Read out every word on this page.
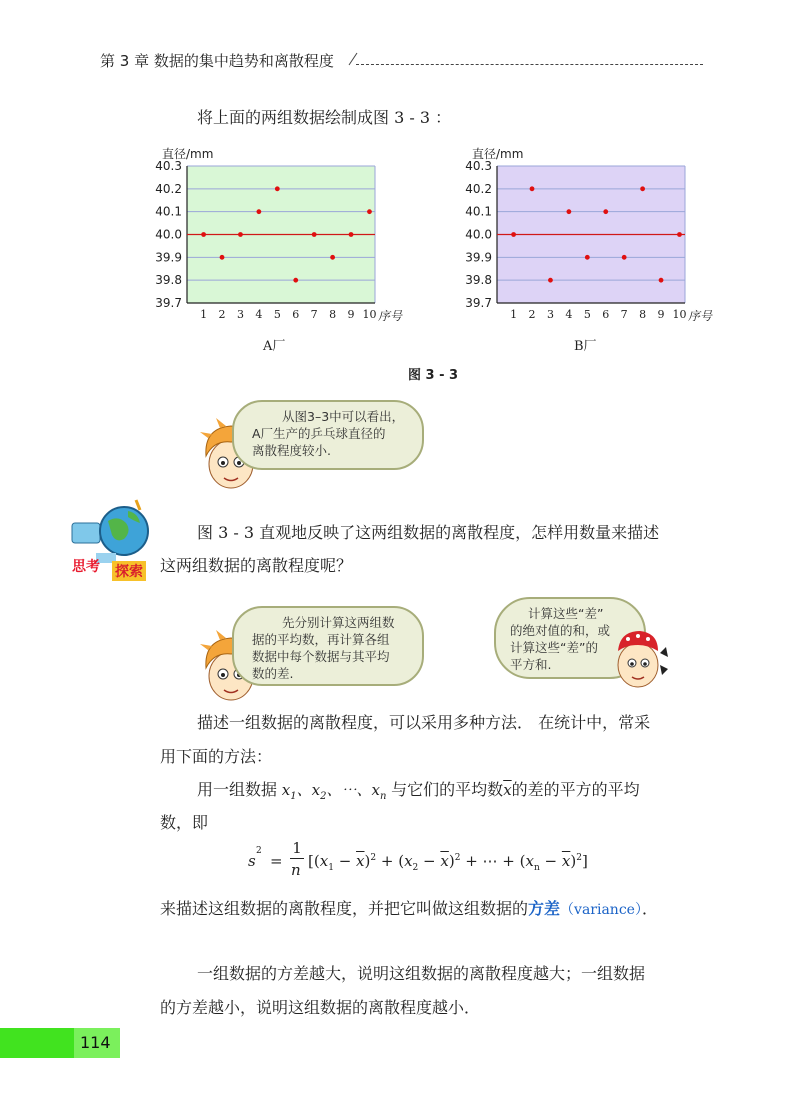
第 3 章 数据的集中趋势和离散程度
将上面的两组数据绘制成图 3 - 3 ：
39.7
39.8
39.9
40.0
40.1
40.2
40.3
1 2 3 4 5 6 7 8 9 10
直径/mm
序号
39.7
39.8
39.9
40.0
40.1
40.2
40.3
1 2 3 4 5 6 7 8 9 10
直径/mm
序号
A厂	B厂
图 3 - 3
从图3–3中可以看出，
A厂生产的乒乓球直径的
离散程度较小.
思考 探索
图 3 - 3 直观地反映了这两组数据的离散程度，怎样用数量来描述
这两组数据的离散程度呢？
先分别计算这两组数
据的平均数，再计算各组
数据中每个数据与其平均
数的差.
计算这些“差”
的绝对值的和，或
计算这些“差”的
平方和.
描述一组数据的离散程度，可以采用多种方法． 在统计中，常采
用下面的方法：
用一组数据 $x_1$、$x_2$、⋯、$x_n$ 与它们的平均数$\overline{x}$的差的平方的平均
数，即
s
2
=
1
n [$(x_1 - \overline{x})^2 + (x_2 - \overline{x})^2$ + ⋯ + $(x_n - \overline{x})^2$]
来描述这组数据的离散程度，并把它叫做这组数据的方差（variance）．
一组数据的方差越大，说明这组数据的离散程度越大；一组数据
的方差越小，说明这组数据的离散程度越小．
114
